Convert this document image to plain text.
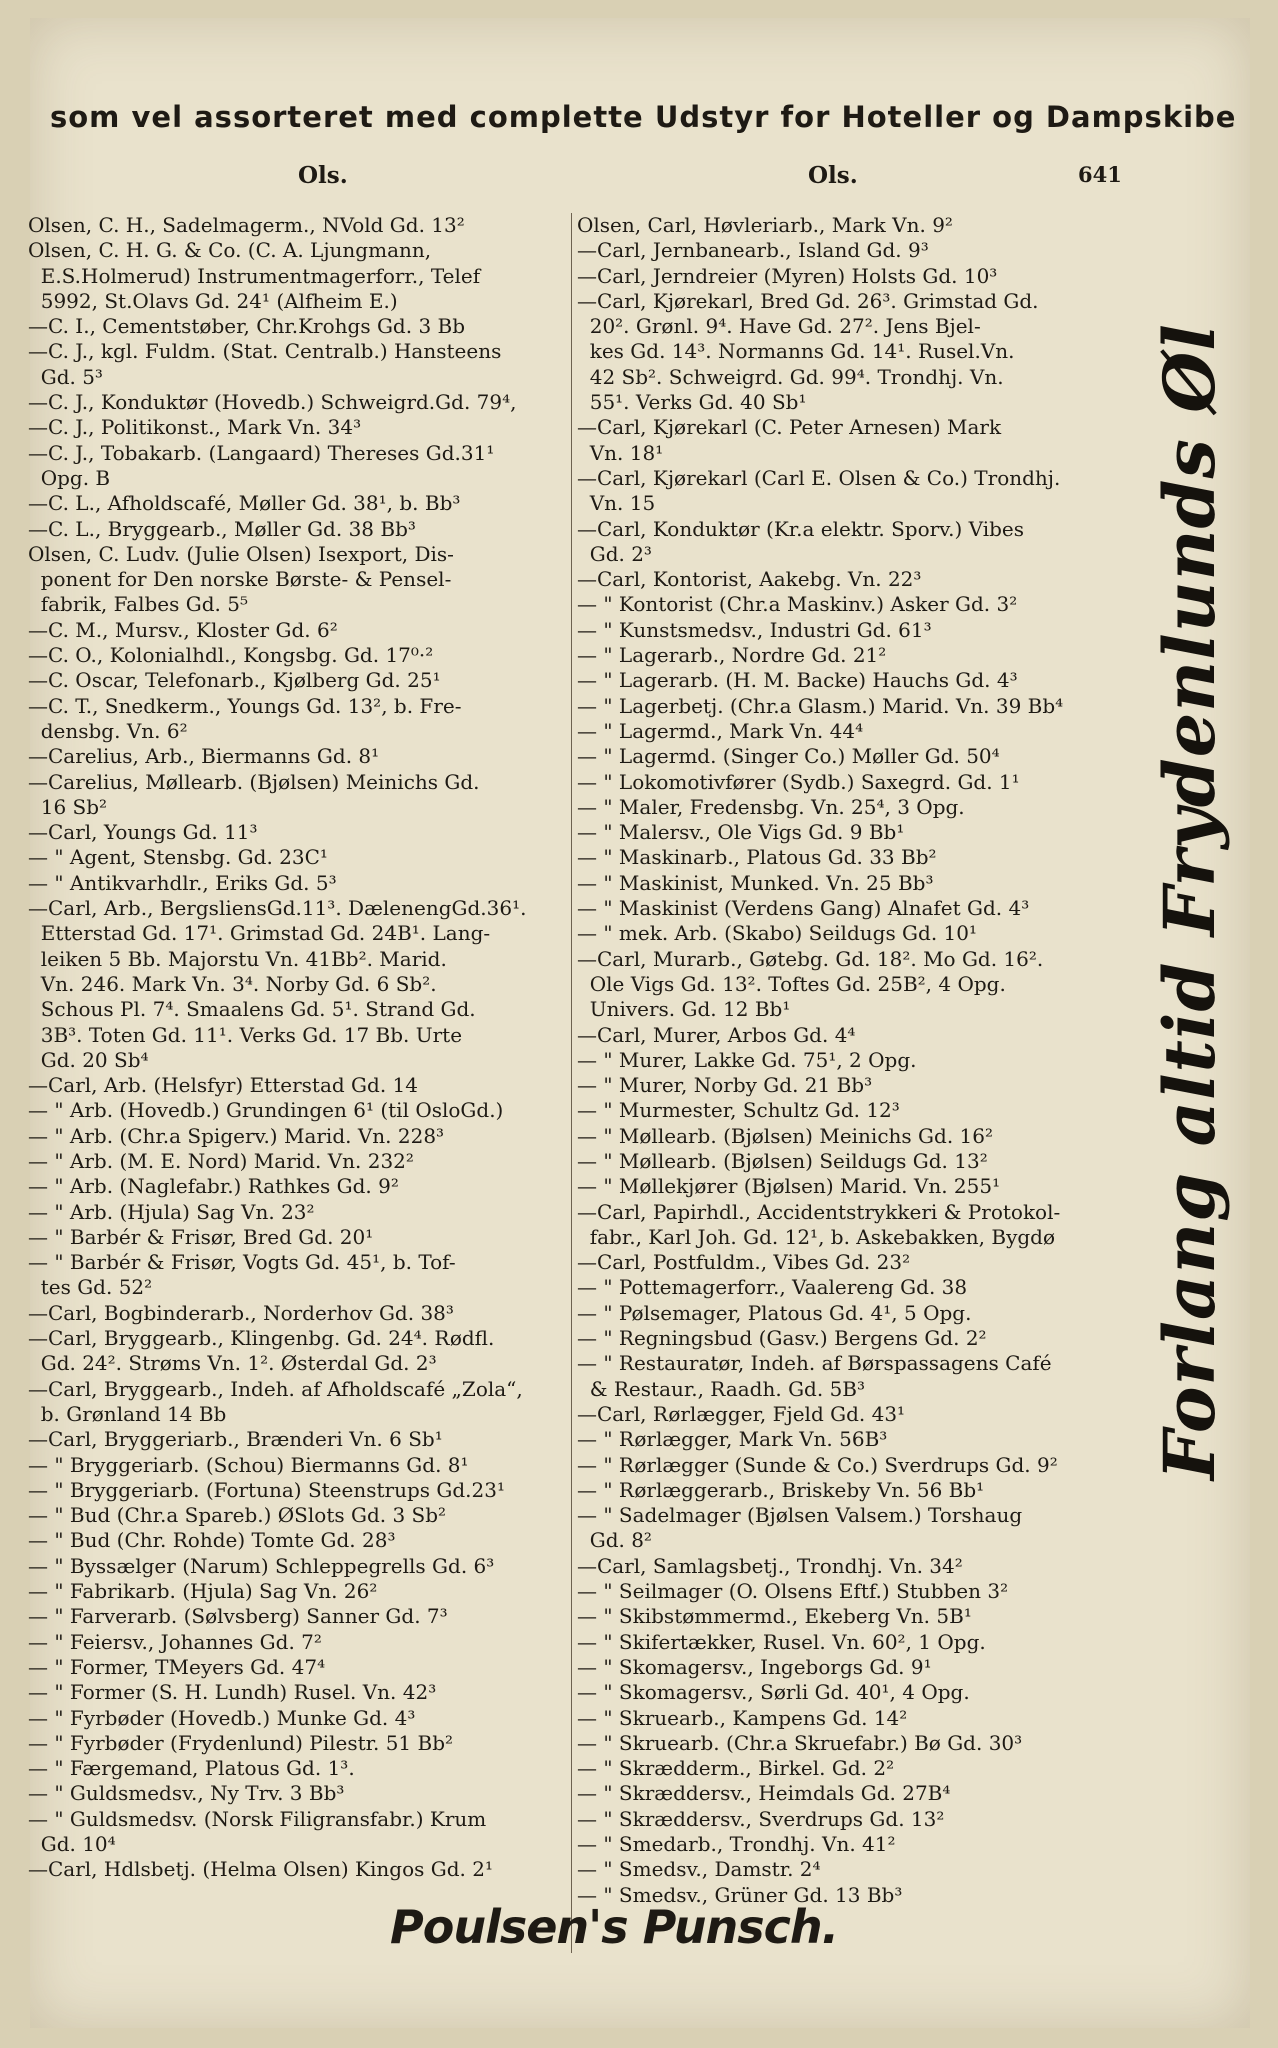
som vel assorteret med complette Udstyr for Hoteller og Dampskibe
Ols.	Ols.	641
Olsen, C. H., Sadelmagerm., NVold Gd. 13²
Olsen, C. H. G. & Co. (C. A. Ljungmann,
E.S.Holmerud) Instrumentmagerforr., Telef
5992, St.Olavs Gd. 24¹ (Alfheim E.)
—C. I., Cementstøber, Chr.Krohgs Gd. 3 Bb
—C. J., kgl. Fuldm. (Stat. Centralb.) Hansteens
Gd. 5³
—C. J., Konduktør (Hovedb.) Schweigrd.Gd. 79⁴,
—C. J., Politikonst., Mark Vn. 34³
—C. J., Tobakarb. (Langaard) Thereses Gd.31¹
Opg. B
—C. L., Afholdscafé, Møller Gd. 38¹, b. Bb³
—C. L., Bryggearb., Møller Gd. 38 Bb³
Olsen, C. Ludv. (Julie Olsen) Isexport, Dis-
ponent for Den norske Børste- & Pensel-
fabrik, Falbes Gd. 5⁵
—C. M., Mursv., Kloster Gd. 6²
—C. O., Kolonialhdl., Kongsbg. Gd. 17⁰·²
—C. Oscar, Telefonarb., Kjølberg Gd. 25¹
—C. T., Snedkerm., Youngs Gd. 13², b. Fre-
densbg. Vn. 6²
—Carelius, Arb., Biermanns Gd. 8¹
—Carelius, Møllearb. (Bjølsen) Meinichs Gd.
16 Sb²
—Carl, Youngs Gd. 11³
— " Agent, Stensbg. Gd. 23C¹
— " Antikvarhdlr., Eriks Gd. 5³
—Carl, Arb., BergsliensGd.11³. DælenengGd.36¹.
Etterstad Gd. 17¹. Grimstad Gd. 24B¹. Lang-
leiken 5 Bb. Majorstu Vn. 41Bb². Marid.
Vn. 246. Mark Vn. 3⁴. Norby Gd. 6 Sb².
Schous Pl. 7⁴. Smaalens Gd. 5¹. Strand Gd.
3B³. Toten Gd. 11¹. Verks Gd. 17 Bb. Urte
Gd. 20 Sb⁴
—Carl, Arb. (Helsfyr) Etterstad Gd. 14
— " Arb. (Hovedb.) Grundingen 6¹ (til OsloGd.)
— " Arb. (Chr.a Spigerv.) Marid. Vn. 228³
— " Arb. (M. E. Nord) Marid. Vn. 232²
— " Arb. (Naglefabr.) Rathkes Gd. 9²
— " Arb. (Hjula) Sag Vn. 23²
— " Barbér & Frisør, Bred Gd. 20¹
— " Barbér & Frisør, Vogts Gd. 45¹, b. Tof-
tes Gd. 52²
—Carl, Bogbinderarb., Norderhov Gd. 38³
—Carl, Bryggearb., Klingenbg. Gd. 24⁴. Rødfl.
Gd. 24². Strøms Vn. 1². Østerdal Gd. 2³
—Carl, Bryggearb., Indeh. af Afholdscafé „Zola“,
b. Grønland 14 Bb
—Carl, Bryggeriarb., Brænderi Vn. 6 Sb¹
— " Bryggeriarb. (Schou) Biermanns Gd. 8¹
— " Bryggeriarb. (Fortuna) Steenstrups Gd.23¹
— " Bud (Chr.a Spareb.) ØSlots Gd. 3 Sb²
— " Bud (Chr. Rohde) Tomte Gd. 28³
— " Byssælger (Narum) Schleppegrells Gd. 6³
— " Fabrikarb. (Hjula) Sag Vn. 26²
— " Farverarb. (Sølvsberg) Sanner Gd. 7³
— " Feiersv., Johannes Gd. 7²
— " Former, TMeyers Gd. 47⁴
— " Former (S. H. Lundh) Rusel. Vn. 42³
— " Fyrbøder (Hovedb.) Munke Gd. 4³
— " Fyrbøder (Frydenlund) Pilestr. 51 Bb²
— " Færgemand, Platous Gd. 1³.
— " Guldsmedsv., Ny Trv. 3 Bb³
— " Guldsmedsv. (Norsk Filigransfabr.) Krum
Gd. 10⁴
—Carl, Hdlsbetj. (Helma Olsen) Kingos Gd. 2¹
Olsen, Carl, Høvleriarb., Mark Vn. 9²
—Carl, Jernbanearb., Island Gd. 9³
—Carl, Jerndreier (Myren) Holsts Gd. 10³
—Carl, Kjørekarl, Bred Gd. 26³. Grimstad Gd.
20². Grønl. 9⁴. Have Gd. 27². Jens Bjel-
kes Gd. 14³. Normanns Gd. 14¹. Rusel.Vn.
42 Sb². Schweigrd. Gd. 99⁴. Trondhj. Vn.
55¹. Verks Gd. 40 Sb¹
—Carl, Kjørekarl (C. Peter Arnesen) Mark
Vn. 18¹
—Carl, Kjørekarl (Carl E. Olsen & Co.) Trondhj.
Vn. 15
—Carl, Konduktør (Kr.a elektr. Sporv.) Vibes
Gd. 2³
—Carl, Kontorist, Aakebg. Vn. 22³
— " Kontorist (Chr.a Maskinv.) Asker Gd. 3²
— " Kunstsmedsv., Industri Gd. 61³
— " Lagerarb., Nordre Gd. 21²
— " Lagerarb. (H. M. Backe) Hauchs Gd. 4³
— " Lagerbetj. (Chr.a Glasm.) Marid. Vn. 39 Bb⁴
— " Lagermd., Mark Vn. 44⁴
— " Lagermd. (Singer Co.) Møller Gd. 50⁴
— " Lokomotivfører (Sydb.) Saxegrd. Gd. 1¹
— " Maler, Fredensbg. Vn. 25⁴, 3 Opg.
— " Malersv., Ole Vigs Gd. 9 Bb¹
— " Maskinarb., Platous Gd. 33 Bb²
— " Maskinist, Munked. Vn. 25 Bb³
— " Maskinist (Verdens Gang) Alnafet Gd. 4³
— " mek. Arb. (Skabo) Seildugs Gd. 10¹
—Carl, Murarb., Gøtebg. Gd. 18². Mo Gd. 16².
Ole Vigs Gd. 13². Toftes Gd. 25B², 4 Opg.
Univers. Gd. 12 Bb¹
—Carl, Murer, Arbos Gd. 4⁴
— " Murer, Lakke Gd. 75¹, 2 Opg.
— " Murer, Norby Gd. 21 Bb³
— " Murmester, Schultz Gd. 12³
— " Møllearb. (Bjølsen) Meinichs Gd. 16²
— " Møllearb. (Bjølsen) Seildugs Gd. 13²
— " Møllekjører (Bjølsen) Marid. Vn. 255¹
—Carl, Papirhdl., Accidentstrykkeri & Protokol-
fabr., Karl Joh. Gd. 12¹, b. Askebakken, Bygdø
—Carl, Postfuldm., Vibes Gd. 23²
— " Pottemagerforr., Vaalereng Gd. 38
— " Pølsemager, Platous Gd. 4¹, 5 Opg.
— " Regningsbud (Gasv.) Bergens Gd. 2²
— " Restauratør, Indeh. af Børspassagens Café
& Restaur., Raadh. Gd. 5B³
—Carl, Rørlægger, Fjeld Gd. 43¹
— " Rørlægger, Mark Vn. 56B³
— " Rørlægger (Sunde & Co.) Sverdrups Gd. 9²
— " Rørlæggerarb., Briskeby Vn. 56 Bb¹
— " Sadelmager (Bjølsen Valsem.) Torshaug
Gd. 8²
—Carl, Samlagsbetj., Trondhj. Vn. 34²
— " Seilmager (O. Olsens Eftf.) Stubben 3²
— " Skibstømmermd., Ekeberg Vn. 5B¹
— " Skifertækker, Rusel. Vn. 60², 1 Opg.
— " Skomagersv., Ingeborgs Gd. 9¹
— " Skomagersv., Sørli Gd. 40¹, 4 Opg.
— " Skruearb., Kampens Gd. 14²
— " Skruearb. (Chr.a Skruefabr.) Bø Gd. 30³
— " Skrædderm., Birkel. Gd. 2²
— " Skræddersv., Heimdals Gd. 27B⁴
— " Skræddersv., Sverdrups Gd. 13²
— " Smedarb., Trondhj. Vn. 41²
— " Smedsv., Damstr. 2⁴
— " Smedsv., Grüner Gd. 13 Bb³
Forlang altid Frydenlunds Øl
Poulsen's Punsch.
